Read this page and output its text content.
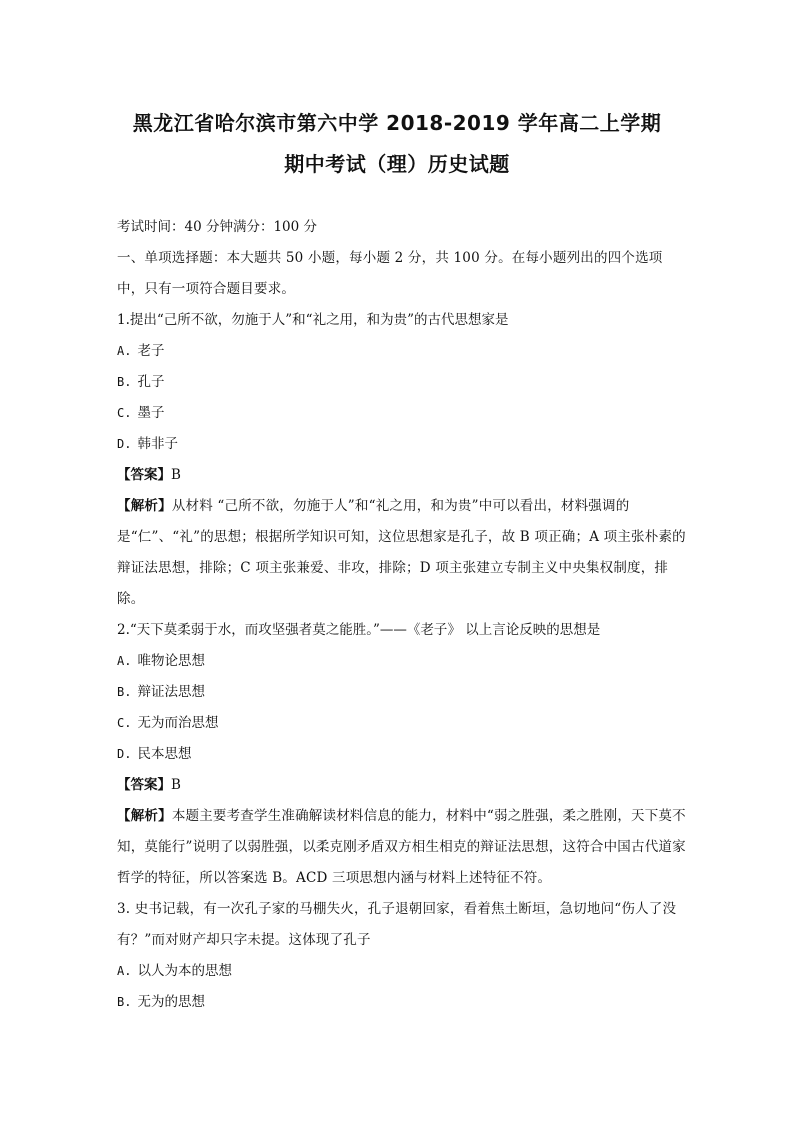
黑龙江省哈尔滨市第六中学 2018-2019 学年高二上学期
期中考试（理）历史试题
考试时间：40 分钟满分：100 分
一、单项选择题：本大题共 50 小题，每小题 2 分，共 100 分。在每小题列出的四个选项中，只有一项符合题目要求。
1.提出“己所不欲，勿施于人”和“礼之用，和为贵”的古代思想家是
A. 老子
B. 孔子
C. 墨子
D. 韩非子
【答案】B
【解析】从材料 “己所不欲，勿施于人”和“礼之用，和为贵”中可以看出，材料强调的是“仁”、“礼”的思想；根据所学知识可知，这位思想家是孔子，故 B 项正确；A 项主张朴素的辩证法思想，排除；C 项主张兼爱、非攻，排除；D 项主张建立专制主义中央集权制度，排除。
2.“天下莫柔弱于水，而攻坚强者莫之能胜。”——《老子》 以上言论反映的思想是
A. 唯物论思想
B. 辩证法思想
C. 无为而治思想
D. 民本思想
【答案】B
【解析】本题主要考查学生准确解读材料信息的能力，材料中“弱之胜强，柔之胜刚，天下莫不知，莫能行”说明了以弱胜强，以柔克刚矛盾双方相生相克的辩证法思想，这符合中国古代道家哲学的特征，所以答案选 B。ACD 三项思想内涵与材料上述特征不符。
3. 史书记载，有一次孔子家的马棚失火，孔子退朝回家，看着焦土断垣，急切地问“伤人了没有？”而对财产却只字未提。这体现了孔子
A. 以人为本的思想
B. 无为的思想
